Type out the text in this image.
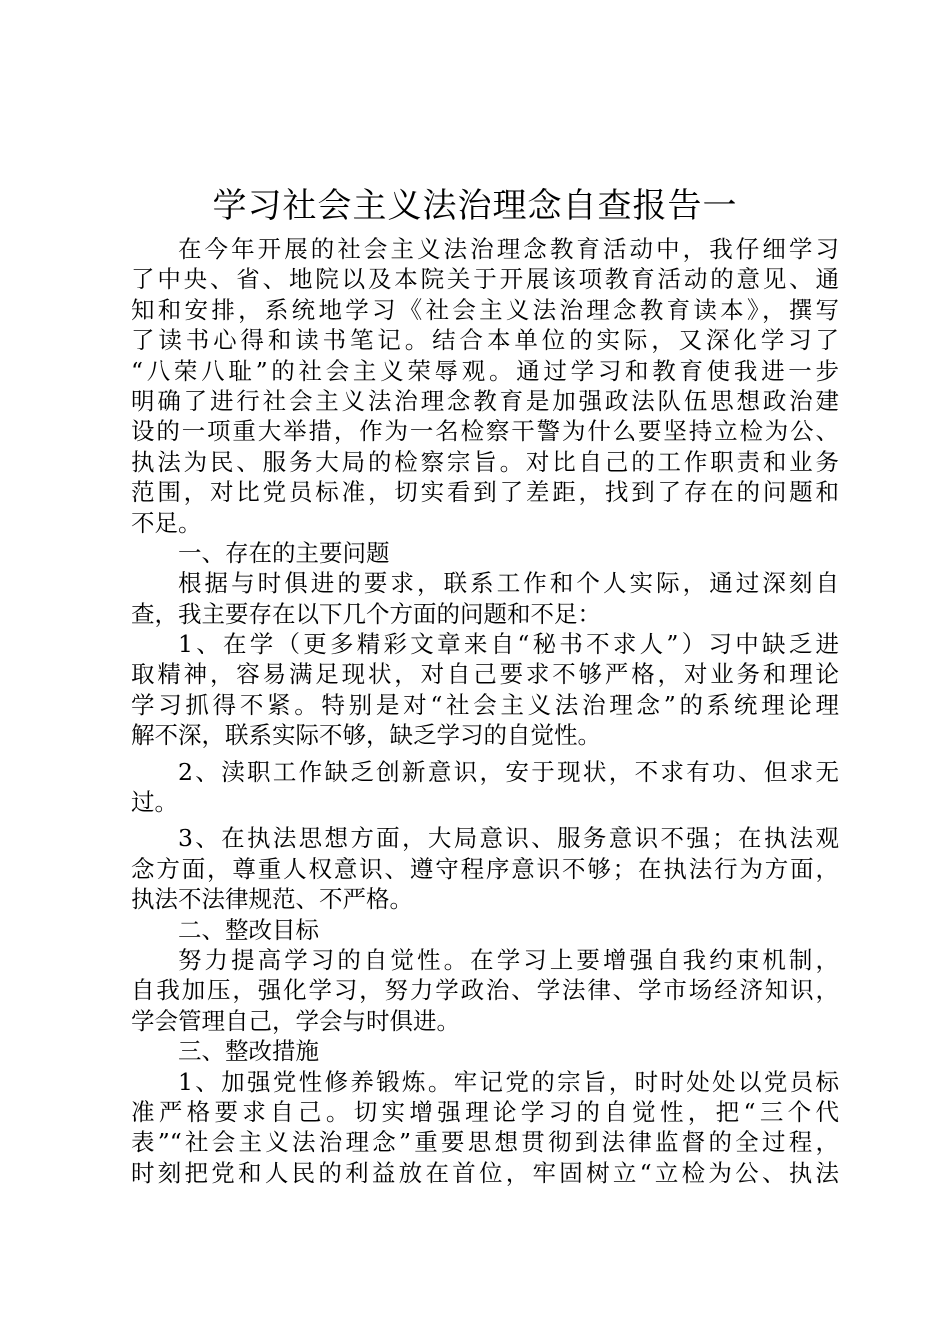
学习社会主义法治理念自查报告一
在今年开展的社会主义法治理念教育活动中，我仔细学习
了中央、省、地院以及本院关于开展该项教育活动的意见、通
知和安排，系统地学习《社会主义法治理念教育读本》，撰写
了读书心得和读书笔记。结合本单位的实际，又深化学习了
“八荣八耻”的社会主义荣辱观。通过学习和教育使我进一步
明确了进行社会主义法治理念教育是加强政法队伍思想政治建
设的一项重大举措，作为一名检察干警为什么要坚持立检为公、
执法为民、服务大局的检察宗旨。对比自己的工作职责和业务
范围，对比党员标准，切实看到了差距，找到了存在的问题和
不足。
一、存在的主要问题
根据与时俱进的要求，联系工作和个人实际，通过深刻自
查，我主要存在以下几个方面的问题和不足：
1、在学（更多精彩文章来自“秘书不求人”）习中缺乏进
取精神，容易满足现状，对自己要求不够严格，对业务和理论
学习抓得不紧。特别是对“社会主义法治理念”的系统理论理
解不深，联系实际不够，缺乏学习的自觉性。
2、渎职工作缺乏创新意识，安于现状，不求有功、但求无
过。
3、在执法思想方面，大局意识、服务意识不强；在执法观
念方面，尊重人权意识、遵守程序意识不够；在执法行为方面，
执法不法律规范、不严格。
二、整改目标
努力提高学习的自觉性。在学习上要增强自我约束机制，
自我加压，强化学习，努力学政治、学法律、学市场经济知识，
学会管理自己，学会与时俱进。
三、整改措施
1、加强党性修养锻炼。牢记党的宗旨，时时处处以党员标
准严格要求自己。切实增强理论学习的自觉性，把“三个代
表”“社会主义法治理念”重要思想贯彻到法律监督的全过程，
时刻把党和人民的利益放在首位，牢固树立“立检为公、执法
